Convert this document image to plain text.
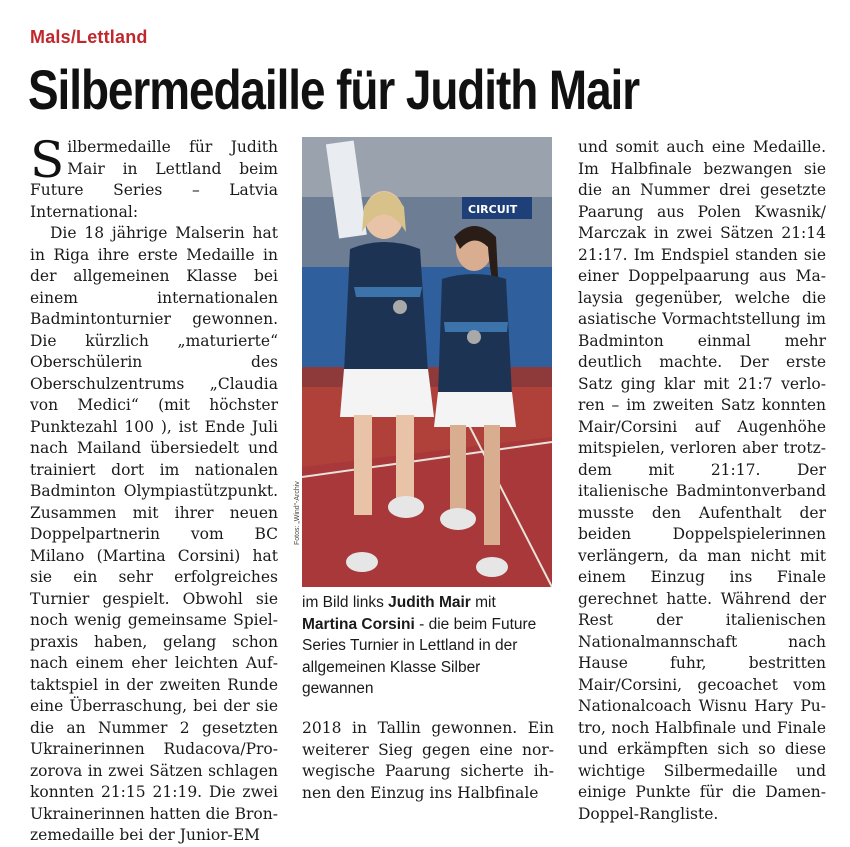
Mals/Lettland
Silbermedaille für Judith Mair

Silbermedaille für Judith Mair in Lettland beim Future Series – Latvia International:

Die 18 jährige Malserin hat in Riga ihre erste Medaille in der allgemeinen Klasse bei einem internationalen Badmintonturnier gewonnen. Die kürzlich „maturierte“ Oberschülerin des Oberschulzentrums „Claudia von Medici“ (mit höchster Punktezahl 100 ), ist Ende Juli nach Mailand übersiedelt und trainiert dort im nationalen Badminton Olympiastützpunkt. Zusammen mit ihrer neuen Doppelpartnerin vom BC Milano (Martina Corsini) hat sie ein sehr erfolgreiches Turnier gespielt. Obwohl sie noch wenig gemeinsame Spielpraxis haben, gelang schon nach einem eher leichten Auftaktspiel in der zweiten Runde eine Überraschung, bei der sie die an Nummer 2 gesetzten Ukrainerinnen Rudacova/Prozorova in zwei Sätzen schlagen konnten 21:15 21:19. Die zwei Ukrainerinnen hatten die Bronzemedaille bei der Junior-EM

CIRCUIT
Fotos: „Wind“-Archiv
im Bild links Judith Mair mit Martina Corsini - die beim Future Series Turnier in Lettland in der allgemeinen Klasse Silber gewannen

2018 in Tallin gewonnen. Ein weiterer Sieg gegen eine norwegische Paarung sicherte ihnen den Einzug ins Halbfinale

und somit auch eine Medaille. Im Halbfinale bezwangen sie die an Nummer drei gesetzte Paarung aus Polen Kwasnik/ Marczak in zwei Sätzen 21:14 21:17. Im Endspiel standen sie einer Doppelpaarung aus Malaysia gegenüber, welche die asiatische Vormachtstellung im Badminton einmal mehr deutlich machte. Der erste Satz ging klar mit 21:7 verloren – im zweiten Satz konnten Mair/Corsini auf Augenhöhe mitspielen, verloren aber trotzdem mit 21:17. Der italienische Badmintonverband musste den Aufenthalt der beiden Doppelspielerinnen verlängern, da man nicht mit einem Einzug ins Finale gerechnet hatte. Während der Rest der italienischen Nationalmannschaft nach Hause fuhr, bestritten Mair/Corsini, gecoachet vom Nationalcoach Wisnu Hary Putro, noch Halbfinale und Finale und erkämpften sich so diese wichtige Silbermedaille und einige Punkte für die Damen-Doppel-Rangliste.
